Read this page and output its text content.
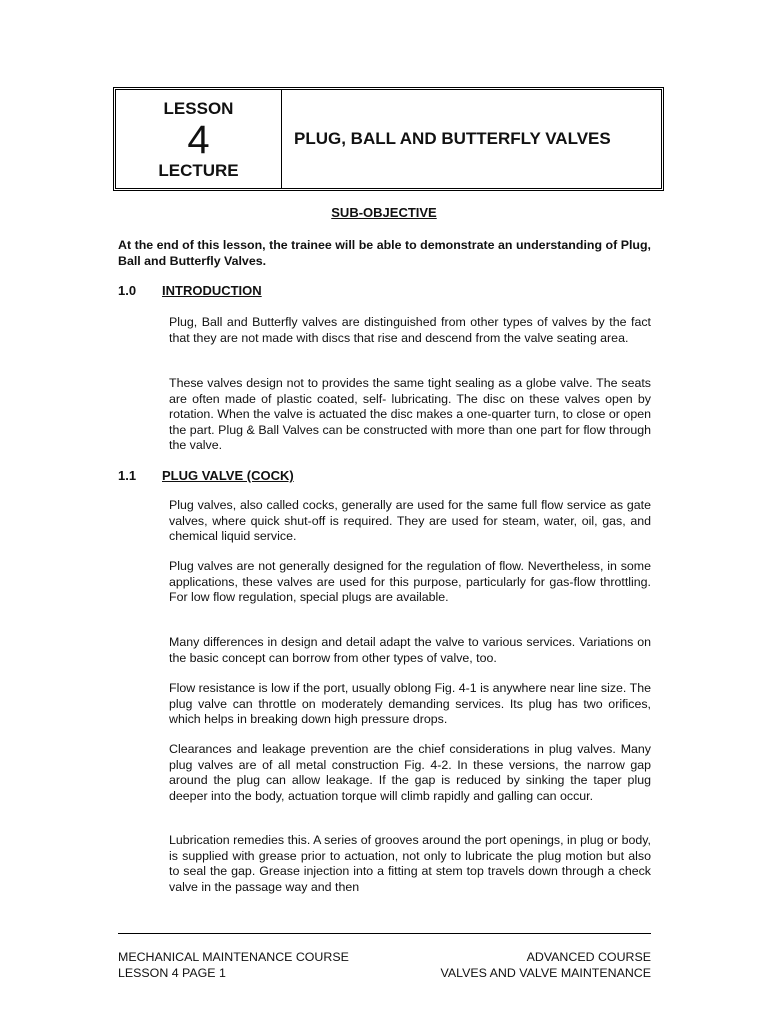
LESSON
4
LECTURE
PLUG, BALL AND BUTTERFLY VALVES
SUB-OBJECTIVE
At the end of this lesson, the trainee will be able to demonstrate an understanding of Plug, Ball and Butterfly Valves.
1.0 INTRODUCTION
Plug, Ball and Butterfly valves are distinguished from other types of valves by the fact that they are not made with discs that rise and descend from the valve seating area.
These valves design not to provides the same tight sealing as a globe valve. The seats are often made of plastic coated, self- lubricating. The disc on these valves open by rotation. When the valve is actuated the disc makes a one-quarter turn, to close or open the part. Plug & Ball Valves can be constructed with more than one part for flow through the valve.
1.1 PLUG VALVE (COCK)
Plug valves, also called cocks, generally are used for the same full flow service as gate valves, where quick shut-off is required. They are used for steam, water, oil, gas, and chemical liquid service.
Plug valves are not generally designed for the regulation of flow. Nevertheless, in some applications, these valves are used for this purpose, particularly for gas-flow throttling. For low flow regulation, special plugs are available.
Many differences in design and detail adapt the valve to various services. Variations on the basic concept can borrow from other types of valve, too.
Flow resistance is low if the port, usually oblong Fig. 4-1 is anywhere near line size. The plug valve can throttle on moderately demanding services. Its plug has two orifices, which helps in breaking down high pressure drops.
Clearances and leakage prevention are the chief considerations in plug valves. Many plug valves are of all metal construction Fig. 4-2. In these versions, the narrow gap around the plug can allow leakage. If the gap is reduced by sinking the taper plug deeper into the body, actuation torque will climb rapidly and galling can occur.
Lubrication remedies this. A series of grooves around the port openings, in plug or body, is supplied with grease prior to actuation, not only to lubricate the plug motion but also to seal the gap. Grease injection into a fitting at stem top travels down through a check valve in the passage way and then
MECHANICAL MAINTENANCE COURSE
LESSON 4 PAGE 1
ADVANCED COURSE
VALVES AND VALVE MAINTENANCE
